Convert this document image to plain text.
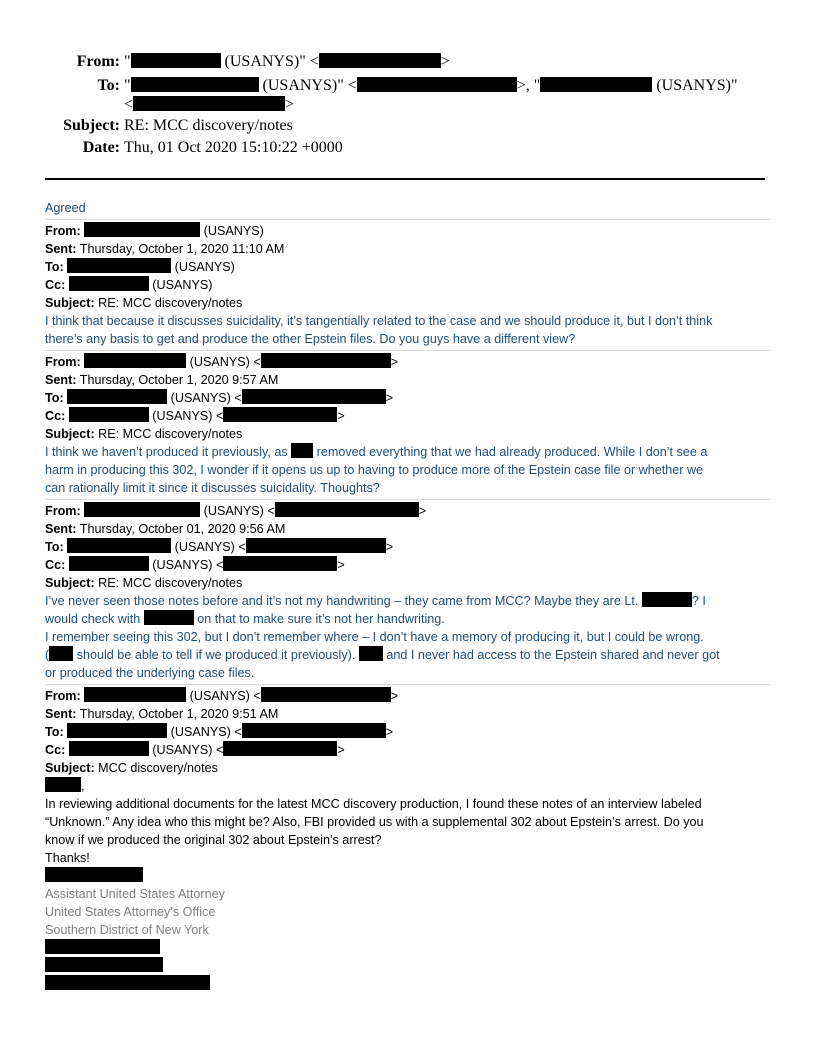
From: "	(USANYS)" <	>
To: "	(USANYS)" <	>, "	(USANYS)"
<	>
Subject: RE: MCC discovery/notes
Date: Thu, 01 Oct 2020 15:10:22 +0000
Agreed
From:	(USANYS)
Sent: Thursday, October 1, 2020 11:10 AM
To:	(USANYS)
Cc:	(USANYS)
Subject: RE: MCC discovery/notes
I think that because it discusses suicidality, it’s tangentially related to the case and we should produce it, but I don’t think
there’s any basis to get and produce the other Epstein files. Do you guys have a different view?
From:	(USANYS) <	>
Sent: Thursday, October 1, 2020 9:57 AM
To:	(USANYS) <	>
Cc:	(USANYS) <	>
Subject: RE: MCC discovery/notes
I think we haven’t produced it previously, as  removed everything that we had already produced. While I don’t see a
harm in producing this 302, I wonder if it opens us up to having to produce more of the Epstein case file or whether we
can rationally limit it since it discusses suicidality. Thoughts?
From:	(USANYS) <	>
Sent: Thursday, October 01, 2020 9:56 AM
To:	(USANYS) <	>
Cc:	(USANYS) <	>
Subject: RE: MCC discovery/notes
I’ve never seen those notes before and it’s not my handwriting – they came from MCC? Maybe they are Lt.	? I
would check with	on that to make sure it’s not her handwriting.
I remember seeing this 302, but I don’t remember where – I don’t have a memory of producing it, but I could be wrong.
( should be able to tell if we produced it previously).  and I never had access to the Epstein shared and never got
or produced the underlying case files.
From:	(USANYS) <	>
Sent: Thursday, October 1, 2020 9:51 AM
To:	(USANYS) <	>
Cc:	(USANYS) <	>
Subject: MCC discovery/notes
,
In reviewing additional documents for the latest MCC discovery production, I found these notes of an interview labeled
“Unknown.” Any idea who this might be? Also, FBI provided us with a supplemental 302 about Epstein’s arrest. Do you
know if we produced the original 302 about Epstein’s arrest?
Thanks!
Assistant United States Attorney
United States Attorney’s Office
Southern District of New York
